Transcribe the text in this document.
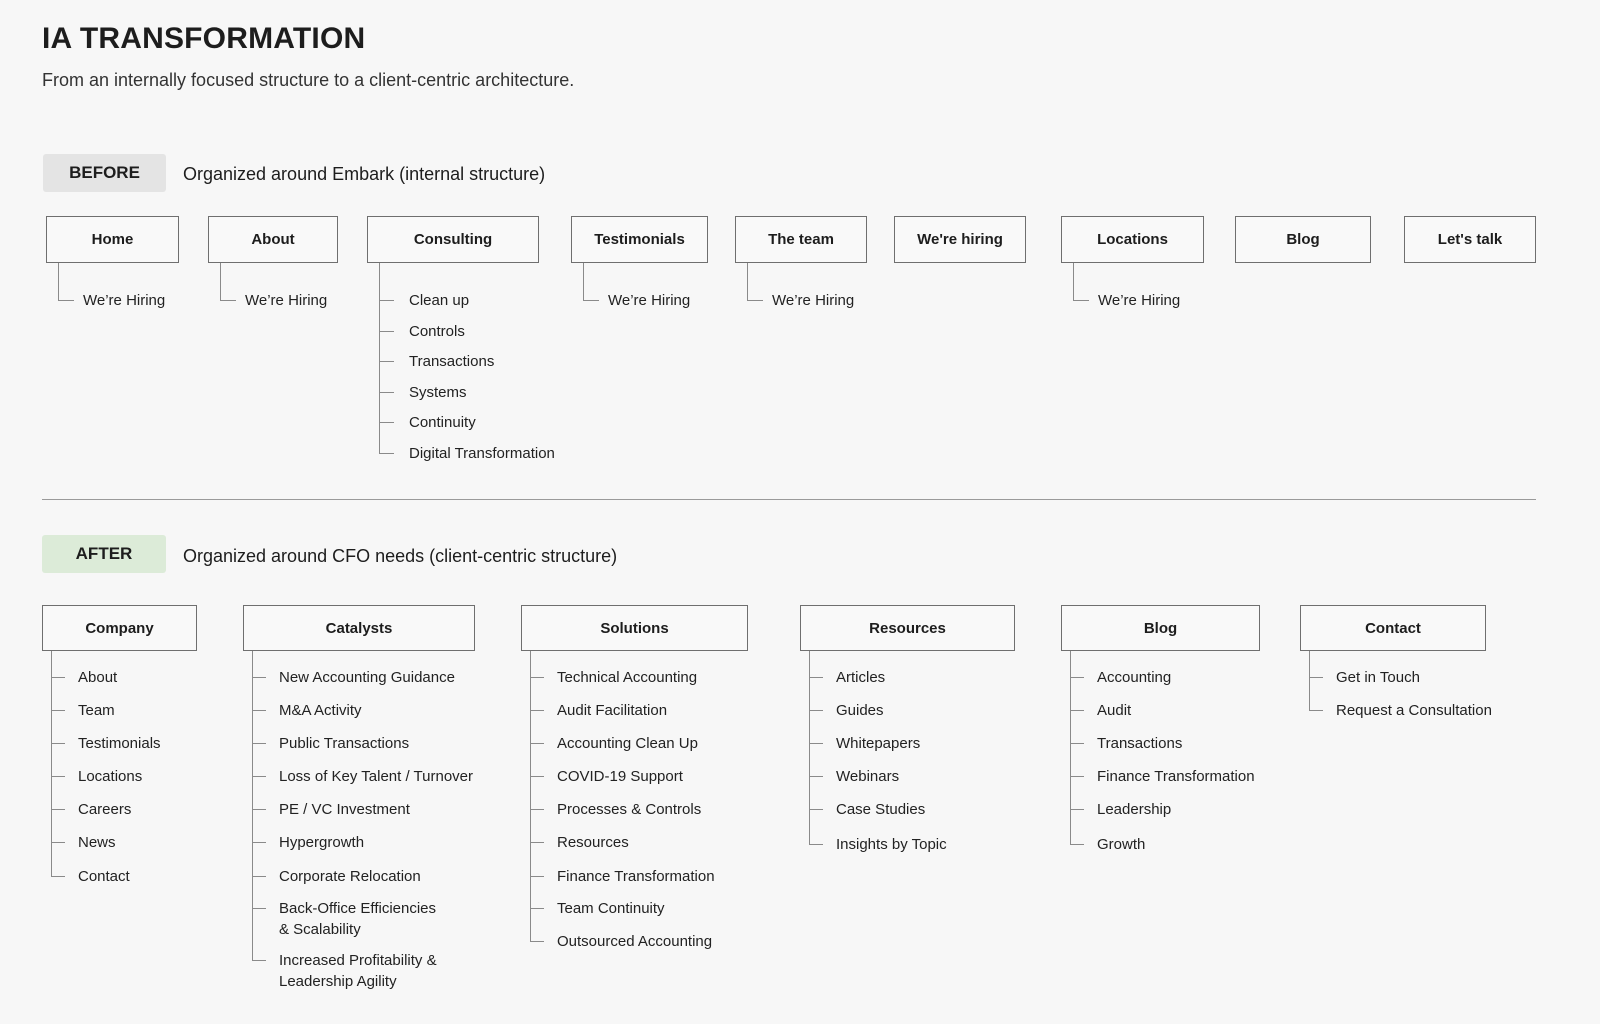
IA TRANSFORMATION
From an internally focused structure to a client-centric architecture.
BEFORE	Organized around Embark (internal structure)
AFTER	Organized around CFO needs (client-centric structure)
Home
We’re Hiring
About
We’re Hiring
Consulting
Clean up
Controls
Transactions
Systems
Continuity
Digital Transformation
Testimonials
We’re Hiring
The team
We’re Hiring
We're hiring	Locations
We’re Hiring
Blog	Let's talk
Company
About
Team
Testimonials
Locations
Careers
News
Contact
Catalysts
New Accounting Guidance
M&A Activity
Public Transactions
Loss of Key Talent / Turnover
PE / VC Investment
Hypergrowth
Corporate Relocation
Back-Office Efficiencies
& Scalability
Increased Profitability &
Leadership Agility
Solutions
Technical Accounting
Audit Facilitation
Accounting Clean Up
COVID-19 Support
Processes & Controls
Resources
Finance Transformation
Team Continuity
Outsourced Accounting
Resources
Articles
Guides
Whitepapers
Webinars
Case Studies
Insights by Topic
Blog
Accounting
Audit
Transactions
Finance Transformation
Leadership
Growth
Contact
Get in Touch
Request a Consultation
